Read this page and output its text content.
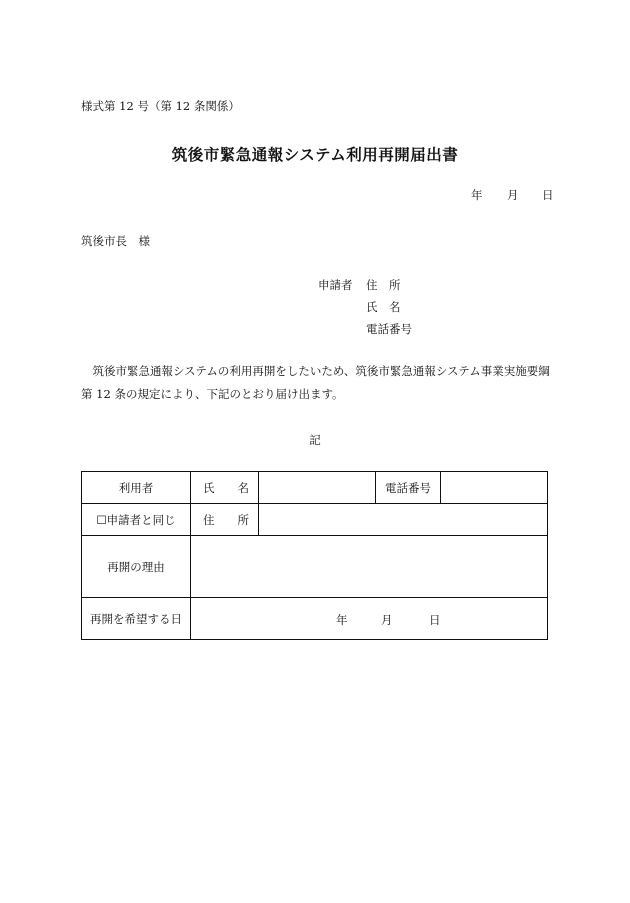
様式第 12 号（第 12 条関係）
筑後市緊急通報システム利用再開届出書
年 月 日
筑後市長　様
申請者 住　所
氏　名
電話番号
筑後市緊急通報システムの利用再開をしたいため、筑後市緊急通報システム事業実施要綱第 12 条の規定により、下記のとおり届け出ます。
記
利用者	氏 名		電話番号	
☐申請者と同じ	住 所			

再開の理由				
再開を希望する日	年 月 日			
